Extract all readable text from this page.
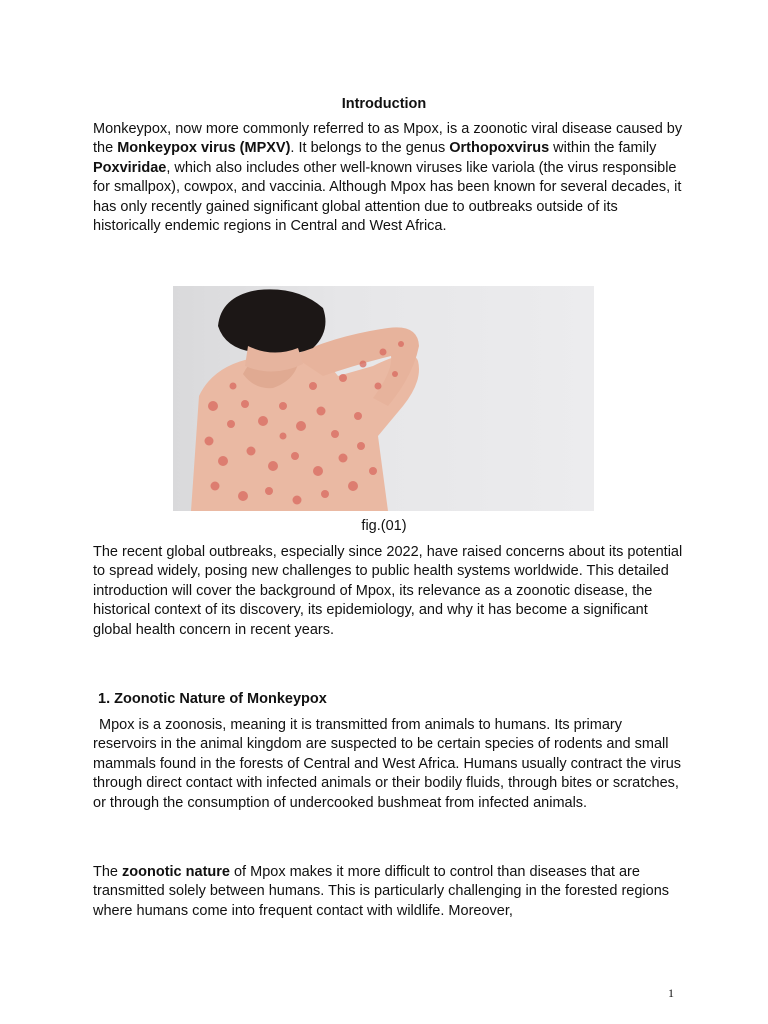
Introduction

Monkeypox, now more commonly referred to as Mpox, is a zoonotic viral disease caused by the Monkeypox virus (MPXV). It belongs to the genus Orthopoxvirus within the family Poxviridae, which also includes other well-known viruses like variola (the virus responsible for smallpox), cowpox, and vaccinia. Although Mpox has been known for several decades, it has only recently gained significant global attention due to outbreaks outside of its historically endemic regions in Central and West Africa.

fig.(01)

The recent global outbreaks, especially since 2022, have raised concerns about its potential to spread widely, posing new challenges to public health systems worldwide. This detailed introduction will cover the background of Mpox, its relevance as a zoonotic disease, the historical context of its discovery, its epidemiology, and why it has become a significant global health concern in recent years.

1. Zoonotic Nature of Monkeypox

Mpox is a zoonosis, meaning it is transmitted from animals to humans. Its primary reservoirs in the animal kingdom are suspected to be certain species of rodents and small mammals found in the forests of Central and West Africa. Humans usually contract the virus through direct contact with infected animals or their bodily fluids, through bites or scratches, or through the consumption of undercooked bushmeat from infected animals.

The zoonotic nature of Mpox makes it more difficult to control than diseases that are transmitted solely between humans. This is particularly challenging in the forested regions where humans come into frequent contact with wildlife. Moreover,

1
